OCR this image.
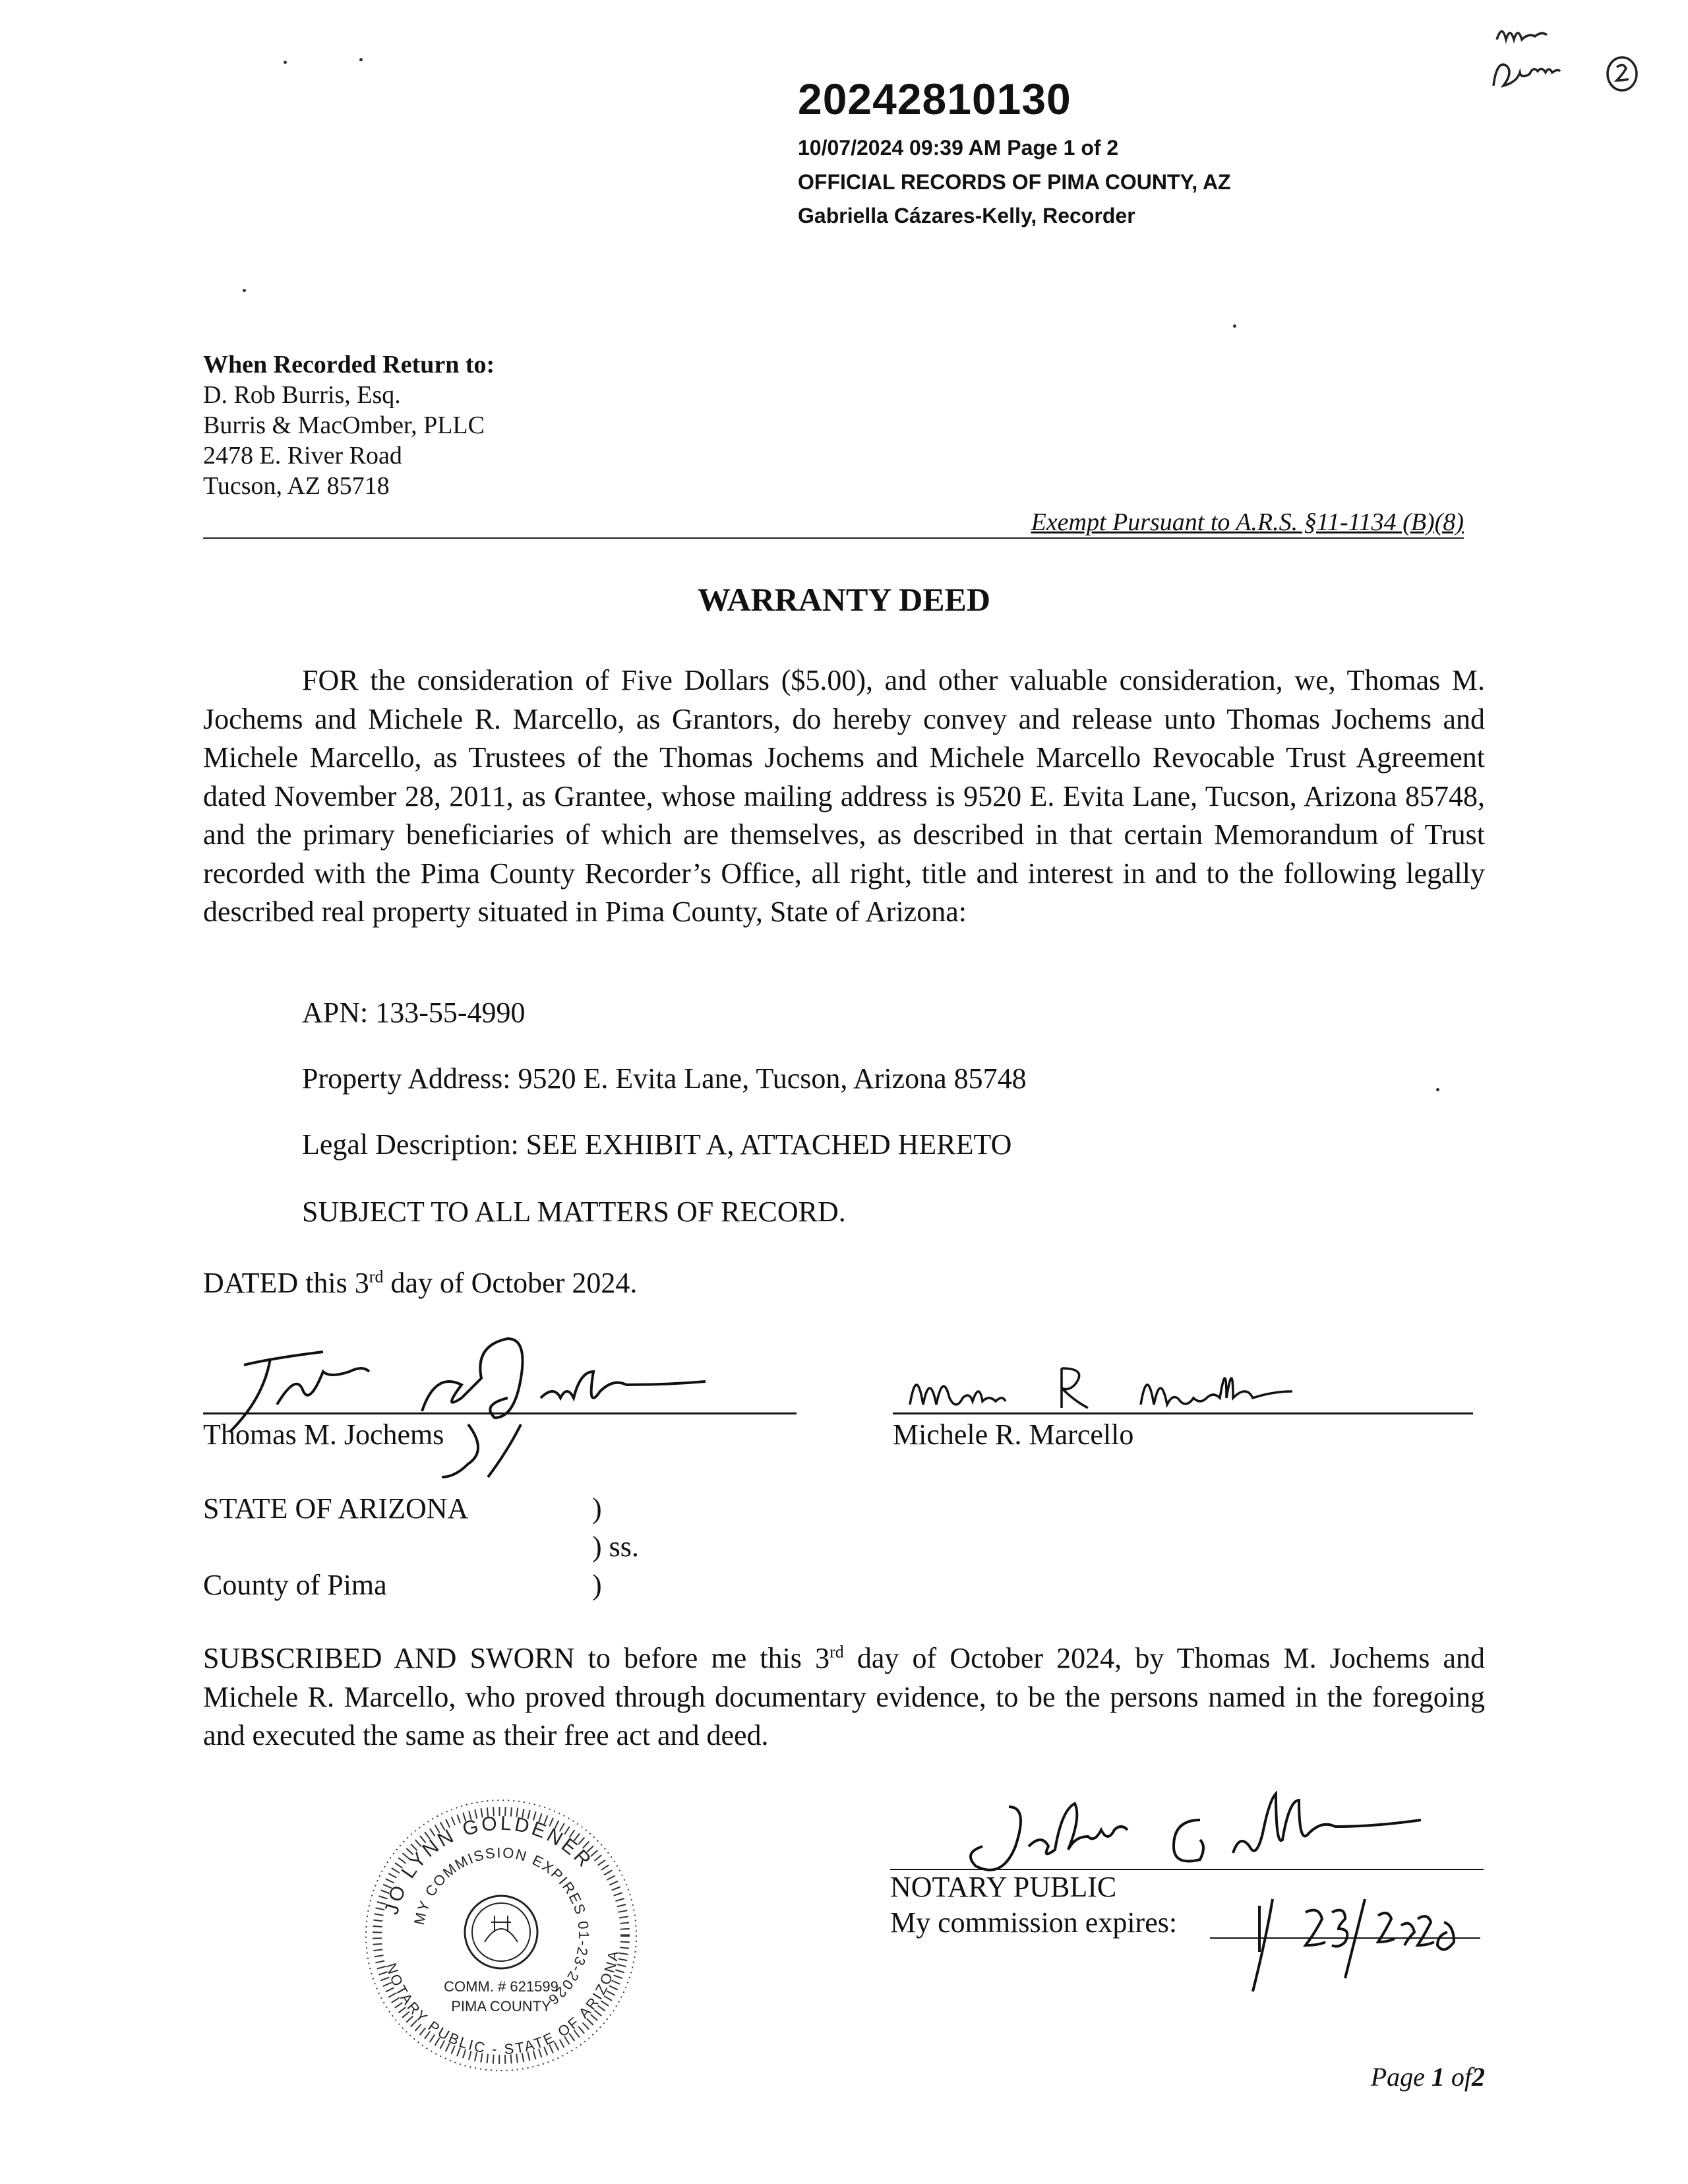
20242810130
10/07/2024 09:39 AM Page 1 of 2
OFFICIAL RECORDS OF PIMA COUNTY, AZ
Gabriella Cázares-Kelly, Recorder
When Recorded Return to:
D. Rob Burris, Esq.
Burris & MacOmber, PLLC
2478 E. River Road
Tucson, AZ 85718
Exempt Pursuant to A.R.S. §11-1134 (B)(8)
WARRANTY DEED
FOR the consideration of Five Dollars ($5.00), and other valuable consideration, we, Thomas M. Jochems and Michele R. Marcello, as Grantors, do hereby convey and release unto Thomas Jochems and Michele Marcello, as Trustees of the Thomas Jochems and Michele Marcello Revocable Trust Agreement dated November 28, 2011, as Grantee, whose mailing address is 9520 E. Evita Lane, Tucson, Arizona 85748, and the primary beneficiaries of which are themselves, as described in that certain Memorandum of Trust recorded with the Pima County Recorder’s Office, all right, title and interest in and to the following legally described real property situated in Pima County, State of Arizona:
APN: 133-55-4990
Property Address: 9520 E. Evita Lane, Tucson, Arizona 85748
Legal Description: SEE EXHIBIT A, ATTACHED HERETO
SUBJECT TO ALL MATTERS OF RECORD.
DATED this 3rd day of October 2024.
Thomas M. Jochems	Michele R. Marcello
STATE OF ARIZONA	)
) ss.
County of Pima	)
SUBSCRIBED AND SWORN to before me this 3rd day of October 2024, by Thomas M. Jochems and Michele R. Marcello, who proved through documentary evidence, to be the persons named in the foregoing and executed the same as their free act and deed.
JO LYNN GOLDENER
MY COMMISSION EXPIRES 01-23-2026
NOTARY PUBLIC - STATE OF ARIZONA
COMM. # 621599
PIMA COUNTY
NOTARY PUBLIC
My commission expires:
Page 1 of2
